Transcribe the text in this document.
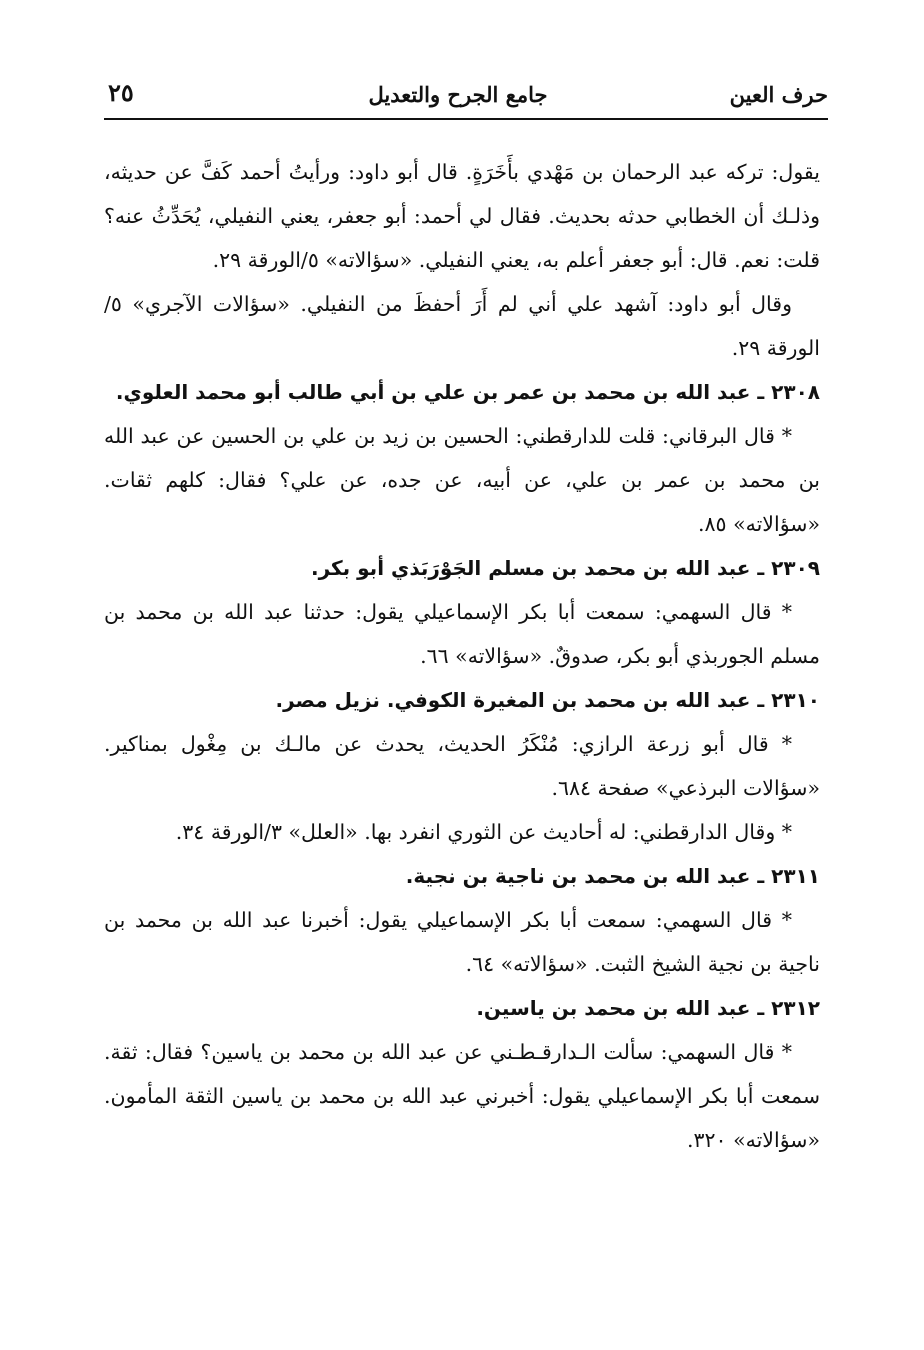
حرف العين
جامع الجرح والتعديل
٢٥

يقول: تركه عبد الرحمان بن مَهْدي بأَخَرَةٍ. قال أبو داود: ورأيتُ أحمد كَفَّ عن حديثه، وذلـك أن الخطابي حدثه بحديث. فقال لي أحمد: أبو جعفر، يعني النفيلي، يُحَدِّثُ عنه؟ قلت: نعم. قال: أبو جعفر أعلم به، يعني النفيلي. «سؤالاته» ٥/الورقة ٢٩.

وقال أبو داود: آشهد علي أني لم أَرَ أحفظَ من النفيلي. «سؤالات الآجري» ٥/الورقة ٢٩.

٢٣٠٨ ـ عبد الله بن محمد بن عمر بن علي بن أبي طالب أبو محمد العلوي.

* قال البرقاني: قلت للدارقطني: الحسين بن زيد بن علي بن الحسين عن عبد الله بن محمد بن عمر بن علي، عن أبيه، عن جده، عن علي؟ فقال: كلهم ثقات. «سؤالاته» ٨٥.

٢٣٠٩ ـ عبد الله بن محمد بن مسلم الجَوْرَبَذي أبو بكر.

* قال السهمي: سمعت أبا بكر الإسماعيلي يقول: حدثنا عبد الله بن محمد بن مسلم الجوربذي أبو بكر، صدوقٌ. «سؤالاته» ٦٦.

٢٣١٠ ـ عبد الله بن محمد بن المغيرة الكوفي. نزيل مصر.

* قال أبو زرعة الرازي: مُنْكَرُ الحديث، يحدث عن مالـك بن مِغْول بمناكير. «سؤالات البرذعي» صفحة ٦٨٤.

* وقال الدارقطني: له أحاديث عن الثوري انفرد بها. «العلل» ٣/الورقة ٣٤.

٢٣١١ ـ عبد الله بن محمد بن ناجية بن نجية.

* قال السهمي: سمعت أبا بكر الإسماعيلي يقول: أخبرنا عبد الله بن محمد بن ناجية بن نجية الشيخ الثبت. «سؤالاته» ٦٤.

٢٣١٢ ـ عبد الله بن محمد بن ياسين.

* قال السهمي: سألت الـدارقـطـني عن عبد الله بن محمد بن ياسين؟ فقال: ثقة. سمعت أبا بكر الإسماعيلي يقول: أخبرني عبد الله بن محمد بن ياسين الثقة المأمون. «سؤالاته» ٣٢٠.
